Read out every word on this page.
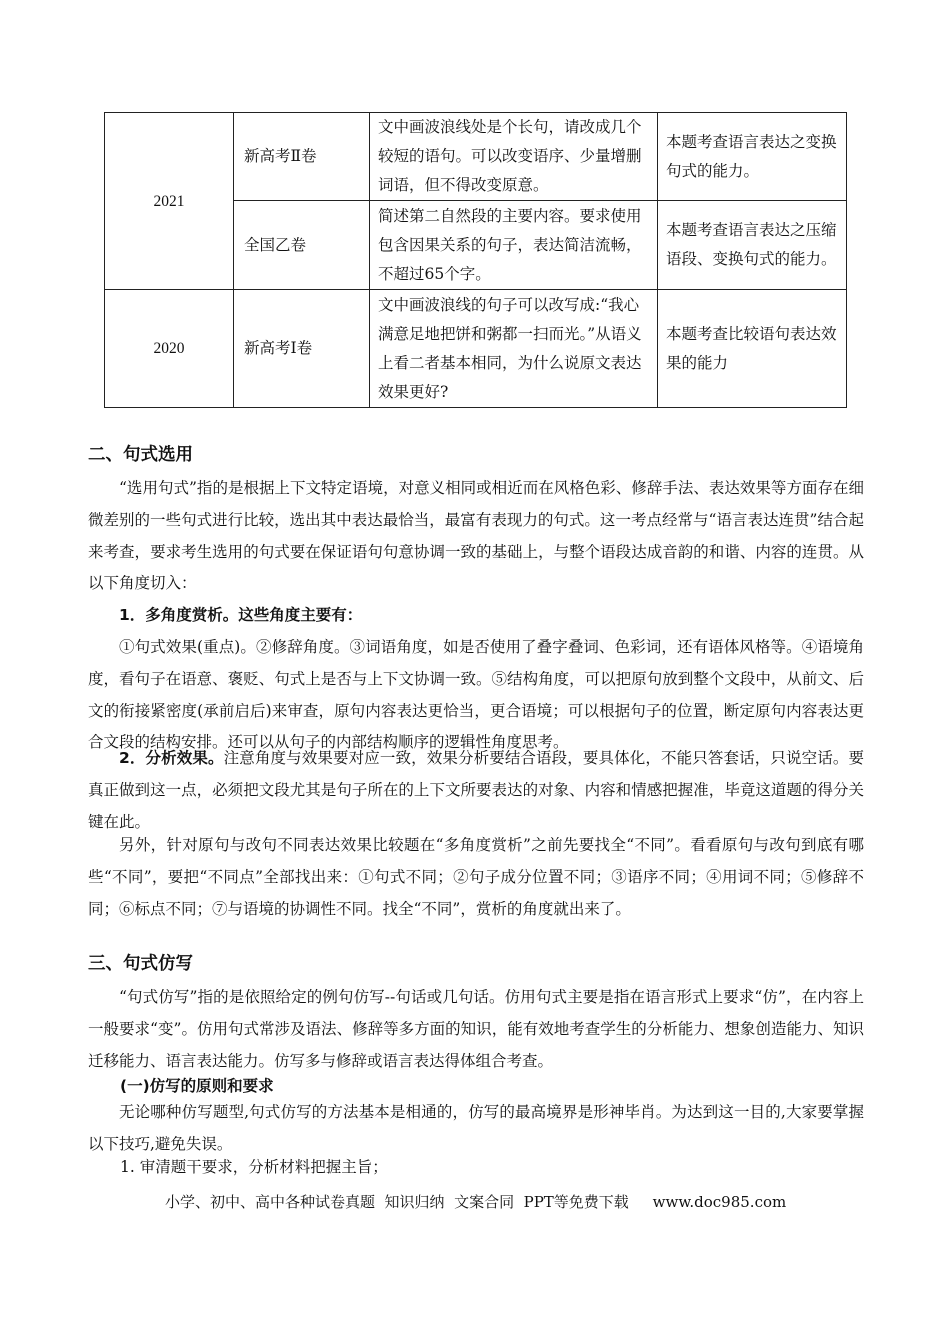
2021	新高考Ⅱ卷	文中画波浪线处是个长句，请改成几个较短的语句。可以改变语序、少量增删词语，但不得改变原意。	本题考查语言表达之变换句式的能力。
	全国乙卷	简述第二自然段的主要内容。要求使用包含因果关系的句子，表达简洁流畅，不超过65个字。	本题考查语言表达之压缩语段、变换句式的能力。
2020	新高考Ⅰ卷	文中画波浪线的句子可以改写成:“我心满意足地把饼和粥都一扫而光。”从语义上看二者基本相同，为什么说原文表达效果更好?	本题考查比较语句表达效果的能力
二、句式选用

“选用句式”指的是根据上下文特定语境，对意义相同或相近而在风格色彩、修辞手法、表达效果等方面存在细微差别的一些句式进行比较，选出其中表达最恰当，最富有表现力的句式。这一考点经常与“语言表达连贯”结合起来考查，要求考生选用的句式要在保证语句句意协调一致的基础上，与整个语段达成音韵的和谐、内容的连贯。从以下角度切入：

1．多角度赏析。这些角度主要有：

①句式效果(重点)。②修辞角度。③词语角度，如是否使用了叠字叠词、色彩词，还有语体风格等。④语境角度，看句子在语意、褒贬、句式上是否与上下文协调一致。⑤结构角度，可以把原句放到整个文段中，从前文、后文的衔接紧密度(承前启后)来审查，原句内容表达更恰当，更合语境；可以根据句子的位置，断定原句内容表达更合文段的结构安排。还可以从句子的内部结构顺序的逻辑性角度思考。

2．分析效果。注意角度与效果要对应一致，效果分析要结合语段，要具体化，不能只答套话，只说空话。要真正做到这一点，必须把文段尤其是句子所在的上下文所要表达的对象、内容和情感把握准，毕竟这道题的得分关键在此。

另外，针对原句与改句不同表达效果比较题在“多角度赏析”之前先要找全“不同”。看看原句与改句到底有哪些“不同”，要把“不同点”全部找出来：①句式不同；②句子成分位置不同；③语序不同；④用词不同；⑤修辞不同；⑥标点不同；⑦与语境的协调性不同。找全“不同”，赏析的角度就出来了。

三、句式仿写

“句式仿写”指的是依照给定的例句仿写--句话或几句话。仿用句式主要是指在语言形式上要求“仿”，在内容上一般要求“变”。仿用句式常涉及语法、修辞等多方面的知识，能有效地考查学生的分析能力、想象创造能力、知识迁移能力、语言表达能力。仿写多与修辞或语言表达得体组合考查。

(一)仿写的原则和要求

无论哪种仿写题型,句式仿写的方法基本是相通的，仿写的最高境界是形神毕肖。为达到这一目的,大家要掌握以下技巧,避免失误。

1. 审清题干要求，分析材料把握主旨；
小学、初中、高中各种试卷真题  知识归纳  文案合同  PPT等免费下载     www.doc985.com
